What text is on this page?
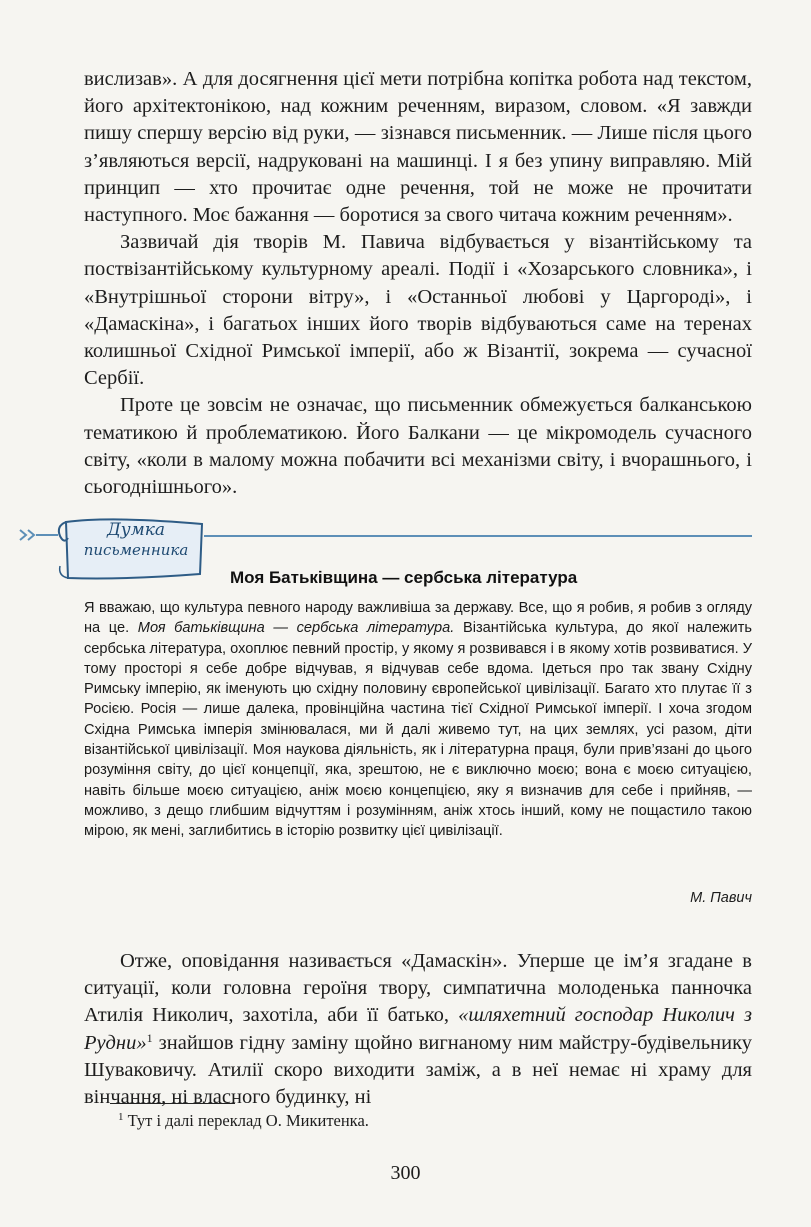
вислизав». А для досягнення цієї мети потрібна копітка робота над текстом, його архітектонікою, над кожним реченням, виразом, словом. «Я завжди пишу спершу версію від руки, — зізнався письменник. — Лише після цього з’являються версії, надруковані на машинці. І я без упину виправляю. Мій принцип — хто прочитає одне речення, той не може не прочитати наступного. Моє бажання — боротися за свого читача кожним реченням».

Зазвичай дія творів М. Павича відбувається у візантійському та поствізантійському культурному ареалі. Події і «Хозарського словника», і «Внутрішньої сторони вітру», і «Останньої любові у Царгороді», і «Дамаскіна», і багатьох інших його творів відбуваються саме на теренах колишньої Східної Римської імперії, або ж Візантії, зокрема — сучасної Сербії.

Проте це зовсім не означає, що письменник обмежується балканською тематикою й проблематикою. Його Балкани — це мікромодель сучасного світу, «коли в малому можна побачити всі механізми світу, і вчорашнього, і сьогоднішнього».

Думка
письменника
Моя Батьківщина — сербська література

Я вважаю, що культура певного народу важливіша за державу. Все, що я робив, я робив з огляду на це. Моя батьківщина — сербська література. Візантійська культура, до якої належить сербська література, охоплює певний простір, у якому я розвивався і в якому хотів розвиватися. У тому просторі я себе добре відчував, я відчував себе вдома. Ідеться про так звану Східну Римську імперію, як іменують цю східну половину європейської цивілізації. Багато хто плутає її з Росією. Росія — лише далека, провінційна частина тієї Східної Римської імперії. І хоча згодом Східна Римська імперія змінювалася, ми й далі живемо тут, на цих землях, усі разом, діти візантійської цивілізації. Моя наукова діяльність, як і літературна праця, були прив’язані до цього розуміння світу, до цієї концепції, яка, зрештою, не є виключно моєю; вона є моєю ситуацією, навіть більше моєю ситуацією, аніж моєю концепцією, яку я визначив для себе і прийняв, — можливо, з дещо глибшим відчуттям і розумінням, аніж хтось інший, кому не пощастило такою мірою, як мені, заглибитись в історію розвитку цієї цивілізації.

М. Павич

Отже, оповідання називається «Дамаскін». Уперше це ім’я згадане в ситуації, коли головна героїня твору, симпатична молоденька панночка Атилія Николич, захотіла, аби її батько, «шляхетний господар Николич з Рудни»$^1$ знайшов гідну заміну щойно вигнаному ним майстру-будівельнику Шуваковичу. Атилії скоро виходити заміж, а в неї немає ні храму для вінчання, ні власного будинку, ні

$^1$ Тут і далі переклад О. Микитенка.
300
